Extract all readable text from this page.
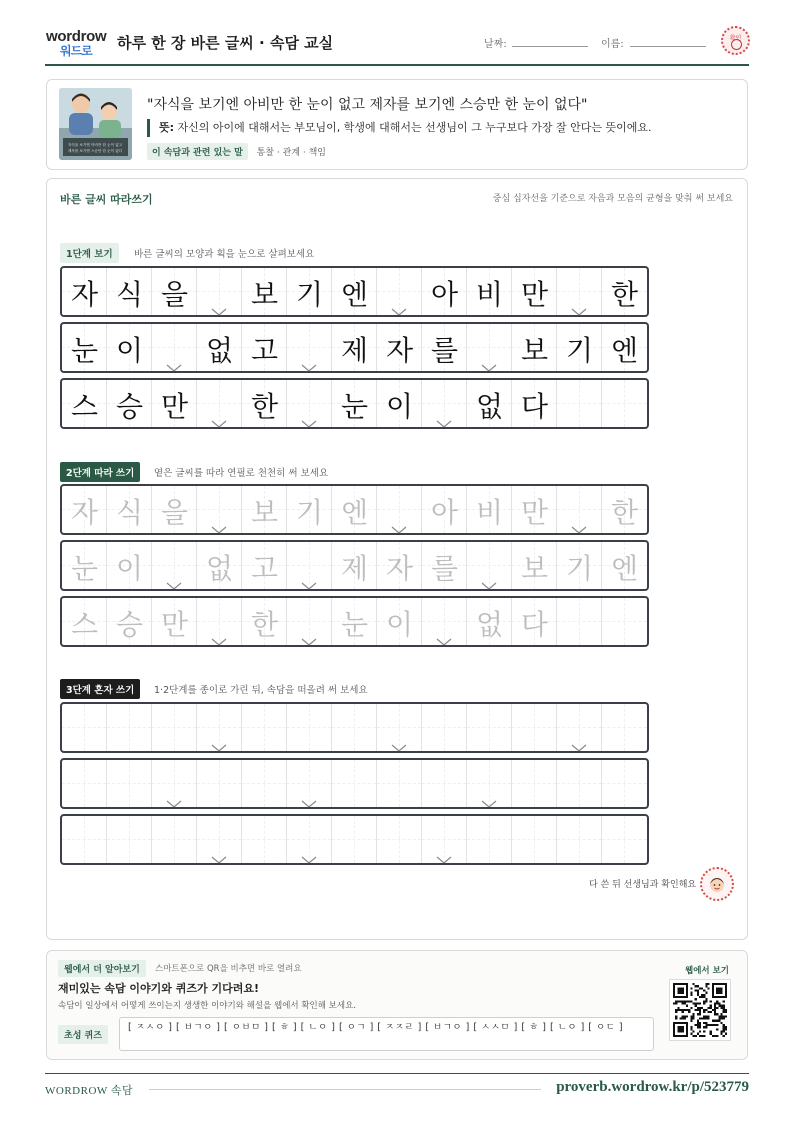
wordrow
워드로 하루 한 장 바른 글씨 · 속담 교실	날짜:	이름:
확인
자식을 보기엔 아비만 한 눈이 없고
제자를 보기엔 스승만 한 눈이 없다
"자식을 보기엔 아비만 한 눈이 없고 제자를 보기엔 스승만 한 눈이 없다"
뜻: 자신의 아이에 대해서는 부모님이, 학생에 대해서는 선생님이 그 누구보다 가장 잘 안다는 뜻이에요.
이 속담과 관련 있는 말 통찰 · 관계 · 책임
바른 글씨 따라쓰기	중심 십자선을 기준으로 자음과 모음의 균형을 맞춰 써 보세요
1단계 보기	바른 글씨의 모양과 획을 눈으로 살펴보세요
2단계 따라 쓰기	옅은 글씨를 따라 연필로 천천히 써 보세요
3단계 혼자 쓰기	1·2단계를 종이로 가린 뒤, 속담을 떠올려 써 보세요
자 식 을	보 기 엔	아 비 만	한
눈 이	없 고	제 자 를	보 기 엔
스 승 만	한	눈 이	없 다
자 식 을	보 기 엔	아 비 만	한
눈 이	없 고	제 자 를	보 기 엔
스 승 만	한	눈 이	없 다
다 쓴 뒤 선생님과 확인해요
웹에서 더 알아보기	스마트폰으로 QR을 비추면 바로 열려요
재미있는 속담 이야기와 퀴즈가 기다려요!
속담이 일상에서 어떻게 쓰이는지 생생한 이야기와 해설을 웹에서 확인해 보세요.
초성 퀴즈
[ ㅈㅅㅇ ] [ ㅂㄱㅇ ] [ ㅇㅂㅁ ] [ ㅎ ] [ ㄴㅇ ] [ ㅇㄱ ] [ ㅈㅈㄹ ] [ ㅂㄱㅇ ] [ ㅅㅅㅁ ] [ ㅎ ] [ ㄴㅇ ] [ ㅇㄷ ]
웹에서 보기
WORDROW 속담	proverb.wordrow.kr/p/523779
